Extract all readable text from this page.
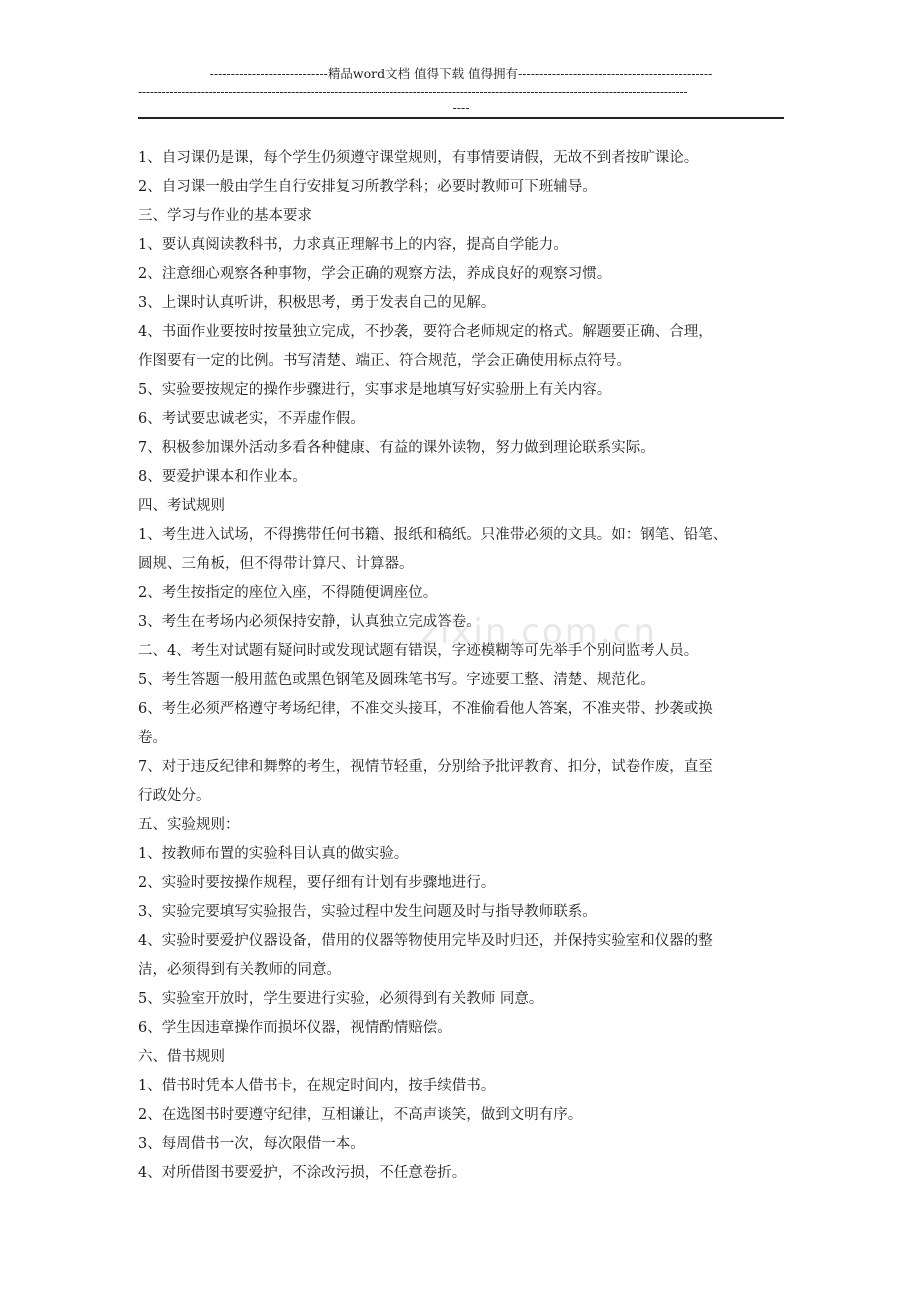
----------------------------精品word文档 值得下载 值得拥有----------------------------------------------
--------------------------------------------------------------------------------------------------------------------------------------------
----
zixin.com.cn
1、自习课仍是课，每个学生仍须遵守课堂规则，有事情要请假，无故不到者按旷课论。
2、自习课一般由学生自行安排复习所教学科；必要时教师可下班辅导。
三、学习与作业的基本要求
1、要认真阅读教科书，力求真正理解书上的内容，提高自学能力。
2、注意细心观察各种事物，学会正确的观察方法，养成良好的观察习惯。
3、上课时认真听讲，积极思考，勇于发表自己的见解。
4、书面作业要按时按量独立完成，不抄袭，要符合老师规定的格式。解题要正确、合理，
作图要有一定的比例。书写清楚、端正、符合规范，学会正确使用标点符号。
5、实验要按规定的操作步骤进行，实事求是地填写好实验册上有关内容。
6、考试要忠诚老实，不弄虚作假。
7、积极参加课外活动多看各种健康、有益的课外读物，努力做到理论联系实际。
8、要爱护课本和作业本。
四、考试规则
1、考生进入试场，不得携带任何书籍、报纸和稿纸。只准带必须的文具。如：钢笔、铅笔、
圆规、三角板，但不得带计算尺、计算器。
2、考生按指定的座位入座，不得随便调座位。
3、考生在考场内必须保持安静，认真独立完成答卷。
二、4、考生对试题有疑问时或发现试题有错误，字迹模糊等可先举手个别问监考人员。
5、考生答题一般用蓝色或黑色钢笔及圆珠笔书写。字迹要工整、清楚、规范化。
6、考生必须严格遵守考场纪律，不准交头接耳，不准偷看他人答案，不准夹带、抄袭或换
卷。
7、对于违反纪律和舞弊的考生，视情节轻重，分别给予批评教育、扣分，试卷作废，直至
行政处分。
五、实验规则：
1、按教师布置的实验科目认真的做实验。
2、实验时要按操作规程，要仔细有计划有步骤地进行。
3、实验完要填写实验报告，实验过程中发生问题及时与指导教师联系。
4、实验时要爱护仪器设备，借用的仪器等物使用完毕及时归还，并保持实验室和仪器的整
洁，必须得到有关教师的同意。
5、实验室开放时，学生要进行实验，必须得到有关教师 同意。
6、学生因违章操作而损坏仪器，视情酌情赔偿。
六、借书规则
1、借书时凭本人借书卡，在规定时间内，按手续借书。
2、在选图书时要遵守纪律，互相谦让，不高声谈笑，做到文明有序。
3、每周借书一次，每次限借一本。
4、对所借图书要爱护，不涂改污损，不任意卷折。
